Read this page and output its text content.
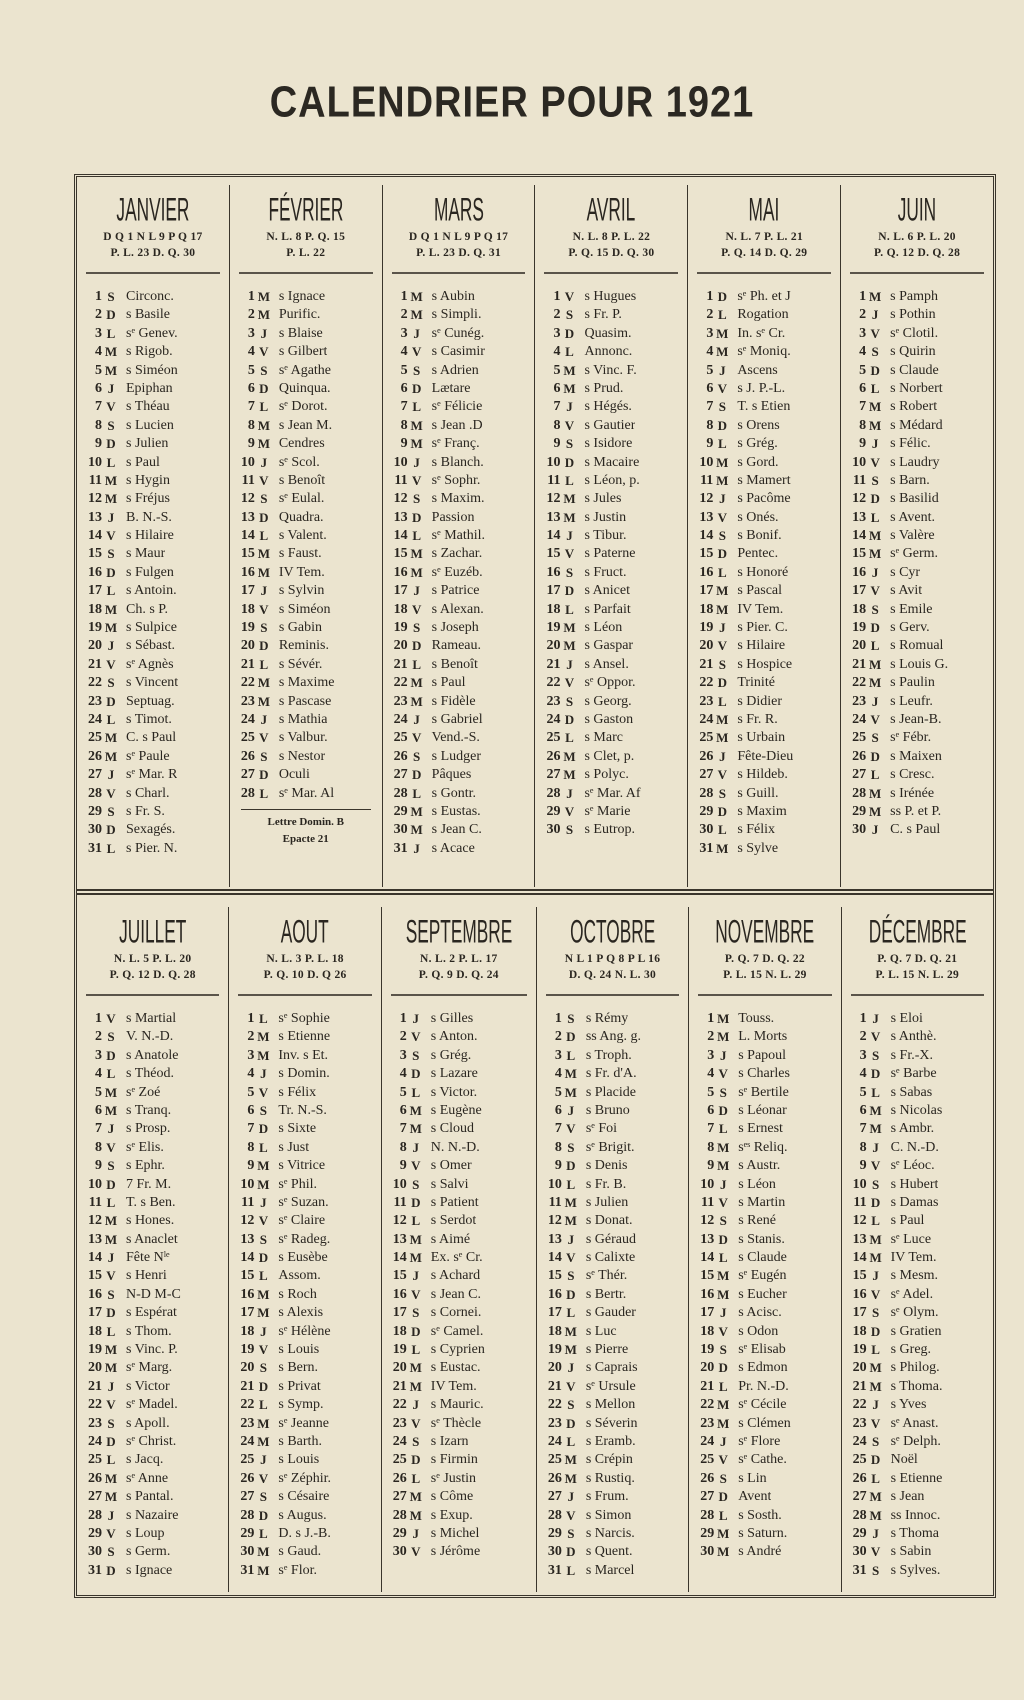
CALENDRIER POUR 1921
JANVIER
D Q 1 N L 9 P Q 17
P. L. 23 D. Q. 30
1 S Circonc.
2 D s Basile
3 L sᵉ Genev.
4 M s Rigob.
5 M s Siméon
6 J Epiphan
7 V s Théau
8 S s Lucien
9 D s Julien
10 L s Paul
11 M s Hygin
12 M s Fréjus
13 J B. N.-S.
14 V s Hilaire
15 S s Maur
16 D s Fulgen
17 L s Antoin.
18 M Ch. s P.
19 M s Sulpice
20 J s Sébast.
21 V sᵉ Agnès
22 S s Vincent
23 D Septuag.
24 L s Timot.
25 M C. s Paul
26 M sᵉ Paule
27 J sᵉ Mar. R
28 V s Charl.
29 S s Fr. S.
30 D Sexagés.
31 L s Pier. N.
FÉVRIER
N. L. 8 P. Q. 15
P. L. 22
1 M s Ignace
2 M Purific.
3 J s Blaise
4 V s Gilbert
5 S sᵉ Agathe
6 D Quinqua.
7 L sᵉ Dorot.
8 M s Jean M.
9 M Cendres
10 J sᵉ Scol.
11 V s Benoît
12 S sᵉ Eulal.
13 D Quadra.
14 L s Valent.
15 M s Faust.
16 M IV Tem.
17 J s Sylvin
18 V s Siméon
19 S s Gabin
20 D Reminis.
21 L s Sévér.
22 M s Maxime
23 M s Pascase
24 J s Mathia
25 V s Valbur.
26 S s Nestor
27 D Oculi
28 L sᵉ Mar. Al
Lettre Domin. B
Epacte 21
MARS
D Q 1 N L 9 P Q 17
P. L. 23 D. Q. 31
1 M s Aubin
2 M s Simpli.
3 J sᵉ Cunég.
4 V s Casimir
5 S s Adrien
6 D Lætare
7 L sᵉ Félicie
8 M s Jean .D
9 M sᵉ Franç.
10 J s Blanch.
11 V sᵉ Sophr.
12 S s Maxim.
13 D Passion
14 L sᵉ Mathil.
15 M s Zachar.
16 M sᵉ Euzéb.
17 J s Patrice
18 V s Alexan.
19 S s Joseph
20 D Rameau.
21 L s Benoît
22 M s Paul
23 M s Fidèle
24 J s Gabriel
25 V Vend.-S.
26 S s Ludger
27 D Pâques
28 L s Gontr.
29 M s Eustas.
30 M s Jean C.
31 J s Acace
AVRIL
N. L. 8 P. L. 22
P. Q. 15 D. Q. 30
1 V s Hugues
2 S s Fr. P.
3 D Quasim.
4 L Annonc.
5 M s Vinc. F.
6 M s Prud.
7 J s Hégés.
8 V s Gautier
9 S s Isidore
10 D s Macaire
11 L s Léon, p.
12 M s Jules
13 M s Justin
14 J s Tibur.
15 V s Paterne
16 S s Fruct.
17 D s Anicet
18 L s Parfait
19 M s Léon
20 M s Gaspar
21 J s Ansel.
22 V sᵉ Oppor.
23 S s Georg.
24 D s Gaston
25 L s Marc
26 M s Clet, p.
27 M s Polyc.
28 J sᵉ Mar. Af
29 V sᵉ Marie
30 S s Eutrop.
MAI
N. L. 7 P. L. 21
P. Q. 14 D. Q. 29
1 D sᵉ Ph. et J
2 L Rogation
3 M In. sᵉ Cr.
4 M sᵉ Moniq.
5 J Ascens
6 V s J. P.-L.
7 S T. s Etien
8 D s Orens
9 L s Grég.
10 M s Gord.
11 M s Mamert
12 J s Pacôme
13 V s Onés.
14 S s Bonif.
15 D Pentec.
16 L s Honoré
17 M s Pascal
18 M IV Tem.
19 J s Pier. C.
20 V s Hilaire
21 S s Hospice
22 D Trinité
23 L s Didier
24 M s Fr. R.
25 M s Urbain
26 J Fête-Dieu
27 V s Hildeb.
28 S s Guill.
29 D s Maxim
30 L s Félix
31 M s Sylve
JUIN
N. L. 6 P. L. 20
P. Q. 12 D. Q. 28
1 M s Pamph
2 J s Pothin
3 V sᵉ Clotil.
4 S s Quirin
5 D s Claude
6 L s Norbert
7 M s Robert
8 M s Médard
9 J s Félic.
10 V s Laudry
11 S s Barn.
12 D s Basilid
13 L s Avent.
14 M s Valère
15 M sᵉ Germ.
16 J s Cyr
17 V s Avit
18 S s Emile
19 D s Gerv.
20 L s Romual
21 M s Louis G.
22 M s Paulin
23 J s Leufr.
24 V s Jean-B.
25 S sᵉ Fébr.
26 D s Maixen
27 L s Cresc.
28 M s Irénée
29 M ss P. et P.
30 J C. s Paul
JUILLET
N. L. 5 P. L. 20
P. Q. 12 D. Q. 28
1 V s Martial
2 S V. N.-D.
3 D s Anatole
4 L s Théod.
5 M sᵉ Zoé
6 M s Tranq.
7 J s Prosp.
8 V sᵉ Elis.
9 S s Ephr.
10 D 7 Fr. M.
11 L T. s Ben.
12 M s Hones.
13 M s Anaclet
14 J Fête Nˡᵉ
15 V s Henri
16 S N-D M-C
17 D s Espérat
18 L s Thom.
19 M s Vinc. P.
20 M sᵉ Marg.
21 J s Victor
22 V sᵉ Madel.
23 S s Apoll.
24 D sᵉ Christ.
25 L s Jacq.
26 M sᵉ Anne
27 M s Pantal.
28 J s Nazaire
29 V s Loup
30 S s Germ.
31 D s Ignace
AOUT
N. L. 3 P. L. 18
P. Q. 10 D. Q 26
1 L sᵉ Sophie
2 M s Etienne
3 M Inv. s Et.
4 J s Domin.
5 V s Félix
6 S Tr. N.-S.
7 D s Sixte
8 L s Just
9 M s Vitrice
10 M sᵉ Phil.
11 J sᵉ Suzan.
12 V sᵉ Claire
13 S sᵉ Radeg.
14 D s Eusèbe
15 L Assom.
16 M s Roch
17 M s Alexis
18 J sᵉ Hélène
19 V s Louis
20 S s Bern.
21 D s Privat
22 L s Symp.
23 M sᵉ Jeanne
24 M s Barth.
25 J s Louis
26 V sᵉ Zéphir.
27 S s Césaire
28 D s Augus.
29 L D. s J.-B.
30 M s Gaud.
31 M sᵉ Flor.
SEPTEMBRE
N. L. 2 P. L. 17
P. Q. 9 D. Q. 24
1 J s Gilles
2 V s Anton.
3 S s Grég.
4 D s Lazare
5 L s Victor.
6 M s Eugène
7 M s Cloud
8 J N. N.-D.
9 V s Omer
10 S s Salvi
11 D s Patient
12 L s Serdot
13 M s Aimé
14 M Ex. sᵉ Cr.
15 J s Achard
16 V s Jean C.
17 S s Cornei.
18 D sᵉ Camel.
19 L s Cyprien
20 M s Eustac.
21 M IV Tem.
22 J s Mauric.
23 V sᵉ Thècle
24 S s Izarn
25 D s Firmin
26 L sᵉ Justin
27 M s Côme
28 M s Exup.
29 J s Michel
30 V s Jérôme
OCTOBRE
N L 1 P Q 8 P L 16
D. Q. 24 N. L. 30
1 S s Rémy
2 D ss Ang. g.
3 L s Troph.
4 M s Fr. d'A.
5 M s Placide
6 J s Bruno
7 V sᵉ Foi
8 S sᵉ Brigit.
9 D s Denis
10 L s Fr. B.
11 M s Julien
12 M s Donat.
13 J s Géraud
14 V s Calixte
15 S sᵉ Thér.
16 D s Bertr.
17 L s Gauder
18 M s Luc
19 M s Pierre
20 J s Caprais
21 V sᵉ Ursule
22 S s Mellon
23 D s Séverin
24 L s Eramb.
25 M s Crépin
26 M s Rustiq.
27 J s Frum.
28 V s Simon
29 S s Narcis.
30 D s Quent.
31 L s Marcel
NOVEMBRE
P. Q. 7 D. Q. 22
P. L. 15 N. L. 29
1 M Touss.
2 M L. Morts
3 J s Papoul
4 V s Charles
5 S sᵉ Bertile
6 D s Léonar
7 L s Ernest
8 M sᵉˢ Reliq.
9 M s Austr.
10 J s Léon
11 V s Martin
12 S s René
13 D s Stanis.
14 L s Claude
15 M sᵉ Eugén
16 M s Eucher
17 J s Acisc.
18 V s Odon
19 S sᵉ Elisab
20 D s Edmon
21 L Pr. N.-D.
22 M sᵉ Cécile
23 M s Clémen
24 J sᵉ Flore
25 V sᵉ Cathe.
26 S s Lin
27 D Avent
28 L s Sosth.
29 M s Saturn.
30 M s André
DÉCEMBRE
P. Q. 7 D. Q. 21
P. L. 15 N. L. 29
1 J s Eloi
2 V s Anthè.
3 S s Fr.-X.
4 D sᵉ Barbe
5 L s Sabas
6 M s Nicolas
7 M s Ambr.
8 J C. N.-D.
9 V sᵉ Léoc.
10 S s Hubert
11 D s Damas
12 L s Paul
13 M sᵉ Luce
14 M IV Tem.
15 J s Mesm.
16 V sᵉ Adel.
17 S sᵉ Olym.
18 D s Gratien
19 L s Greg.
20 M s Philog.
21 M s Thoma.
22 J s Yves
23 V sᵉ Anast.
24 S sᵉ Delph.
25 D Noël
26 L s Etienne
27 M s Jean
28 M ss Innoc.
29 J s Thoma
30 V s Sabin
31 S s Sylves.
